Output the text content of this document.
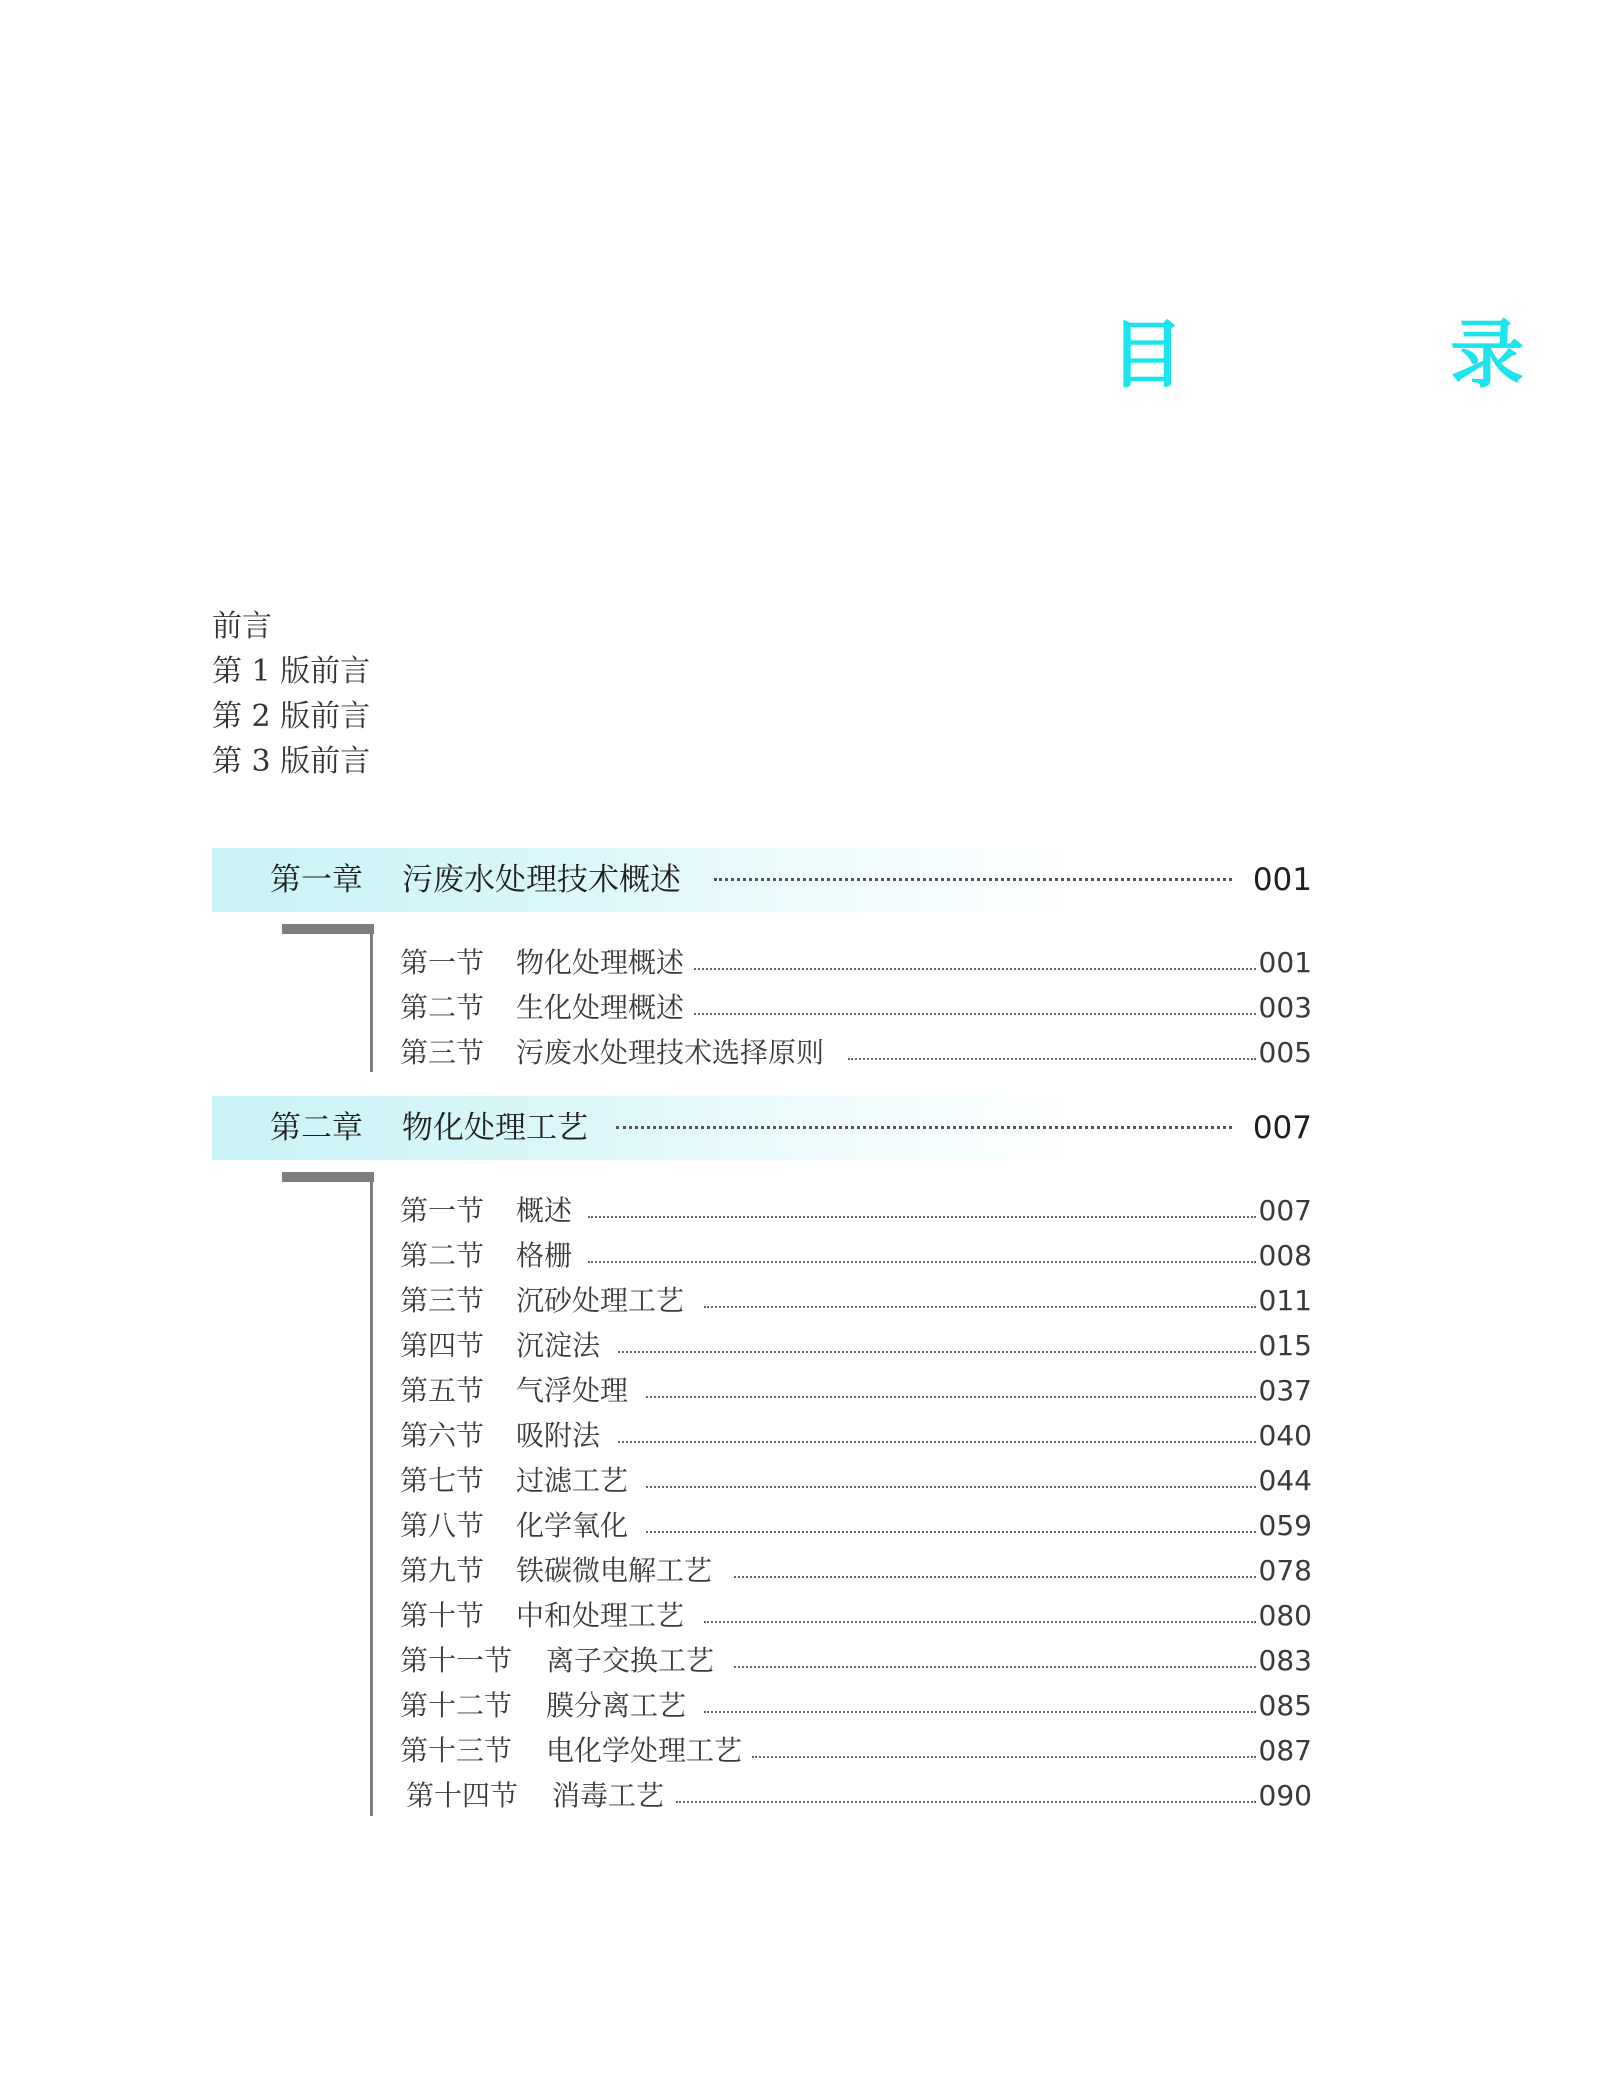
目　录
前言
第 1 版前言
第 2 版前言
第 3 版前言
第一章 污废水处理技术概述	001
第一节 物化处理概述	001
第二节 生化处理概述	003
第三节 污废水处理技术选择原则	005
第二章 物化处理工艺	007
第一节 概述	007
第二节 格栅	008
第三节 沉砂处理工艺	011
第四节 沉淀法	015
第五节 气浮处理	037
第六节 吸附法	040
第七节 过滤工艺	044
第八节 化学氧化	059
第九节 铁碳微电解工艺	078
第十节 中和处理工艺	080
第十一节 离子交换工艺	083
第十二节 膜分离工艺	085
第十三节 电化学处理工艺	087
第十四节 消毒工艺	090
